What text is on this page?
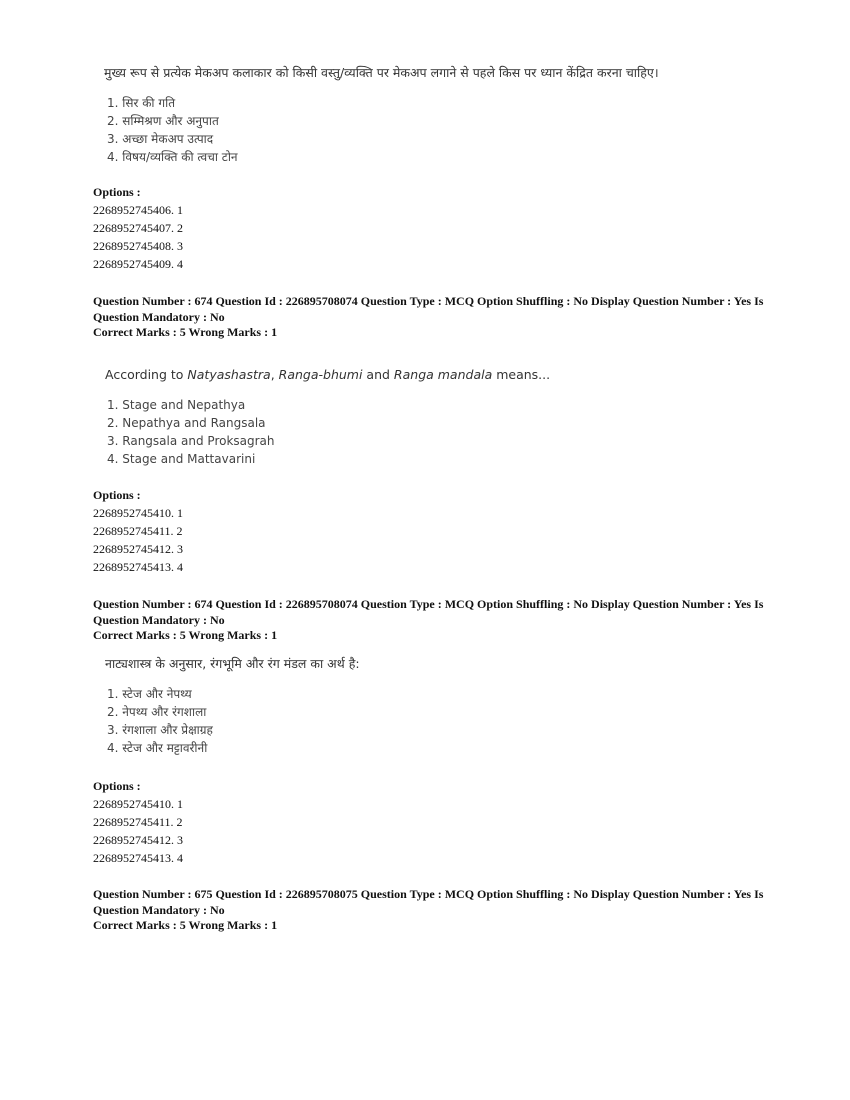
मुख्य रूप से प्रत्येक मेकअप कलाकार को किसी वस्तु/व्यक्ति पर मेकअप लगाने से पहले किस पर ध्यान केंद्रित करना चाहिए।
1. सिर की गति
2. सम्मिश्रण और अनुपात
3. अच्छा मेकअप उत्पाद
4. विषय/व्यक्ति की त्वचा टोन
Options :
2268952745406. 1
2268952745407. 2
2268952745408. 3
2268952745409. 4
Question Number : 674 Question Id : 226895708074 Question Type : MCQ Option Shuffling : No Display Question Number : Yes Is
Question Mandatory : No
Correct Marks : 5 Wrong Marks : 1
According to Natyashastra, Ranga-bhumi and Ranga mandala means...
1. Stage and Nepathya
2. Nepathya and Rangsala
3. Rangsala and Proksagrah
4. Stage and Mattavarini
Options :
2268952745410. 1
2268952745411. 2
2268952745412. 3
2268952745413. 4
Question Number : 674 Question Id : 226895708074 Question Type : MCQ Option Shuffling : No Display Question Number : Yes Is
Question Mandatory : No
Correct Marks : 5 Wrong Marks : 1
नाट्यशास्त्र के अनुसार, रंगभूमि और रंग मंडल का अर्थ है:
1. स्टेज और नेपथ्य
2. नेपथ्य और रंगशाला
3. रंगशाला और प्रेक्षाग्रह
4. स्टेज और मट्टावरीनी
Options :
2268952745410. 1
2268952745411. 2
2268952745412. 3
2268952745413. 4
Question Number : 675 Question Id : 226895708075 Question Type : MCQ Option Shuffling : No Display Question Number : Yes Is
Question Mandatory : No
Correct Marks : 5 Wrong Marks : 1
